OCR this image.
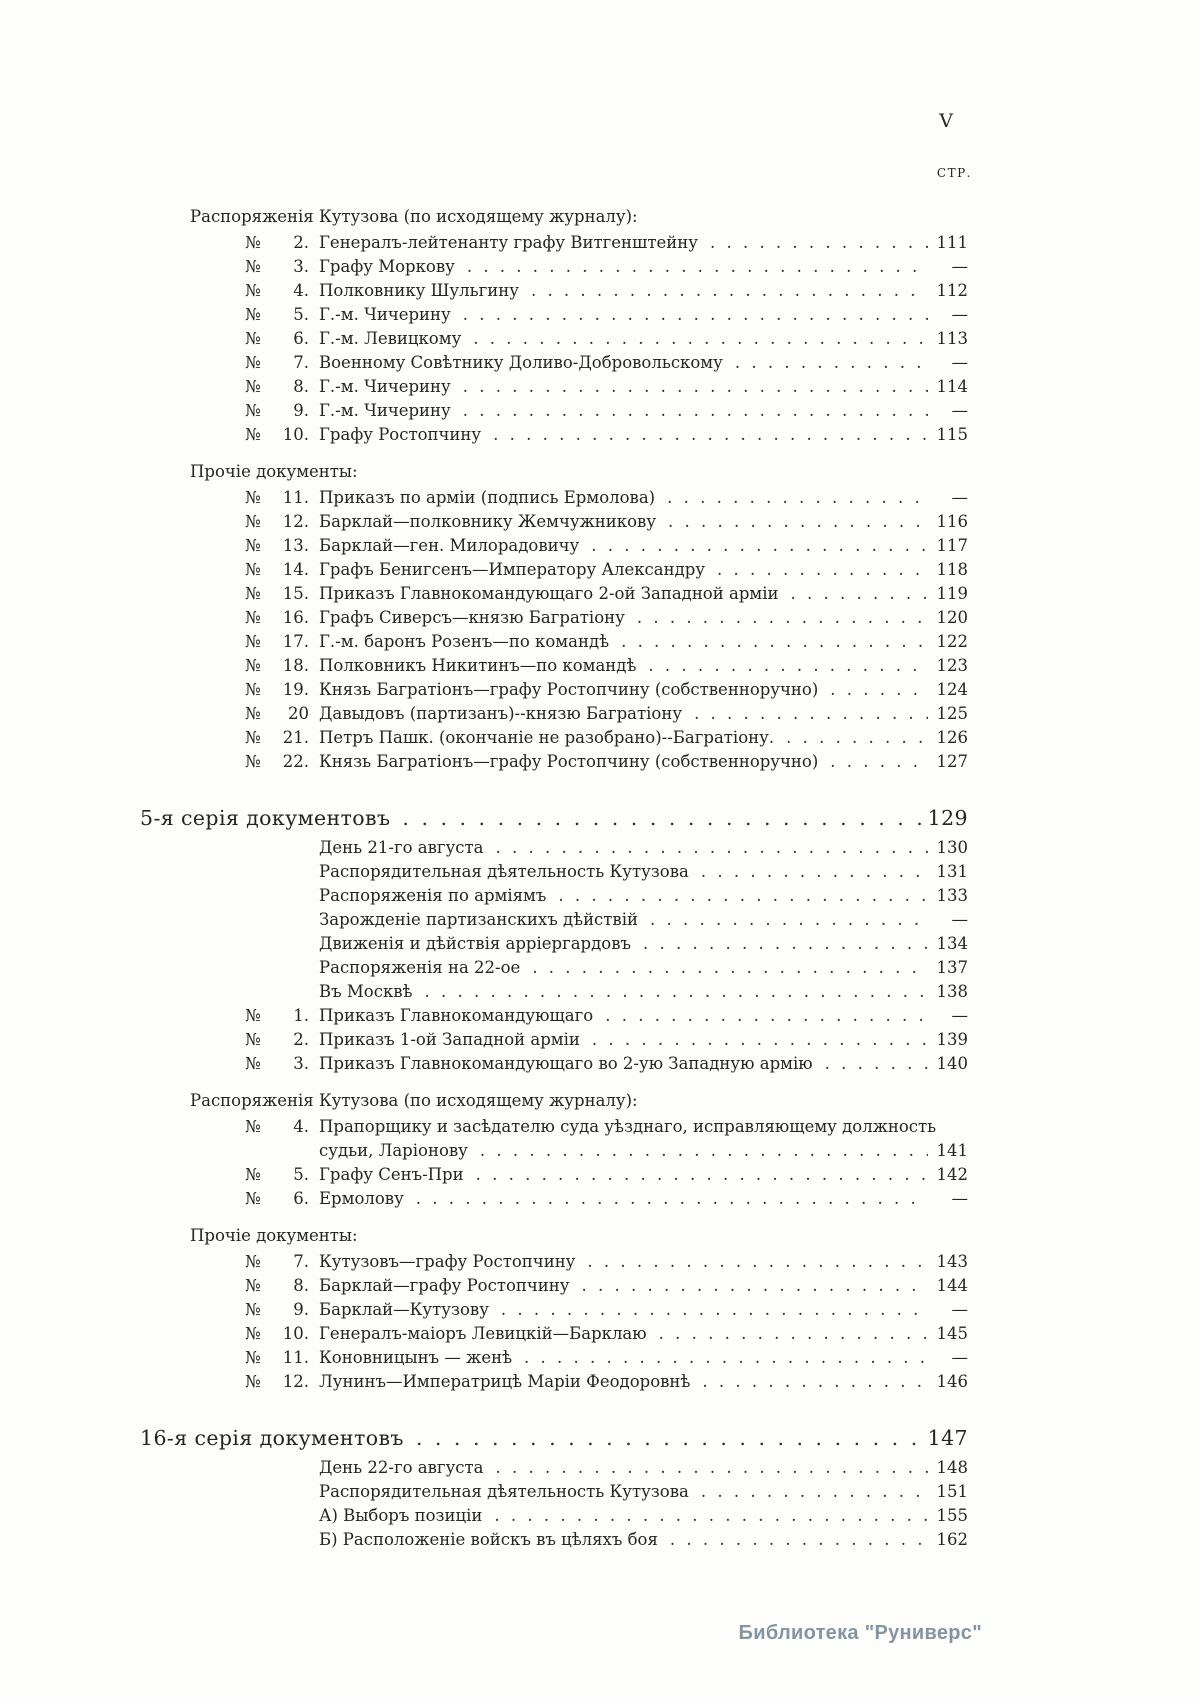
V
СТР.
Распоряженія Кутузова (по исходящему журналу):
№ 2. Генералъ-лейтенанту графу Витгенштейну . . .	111
№ 3. Графу Моркову . . .	—
№ 4. Полковнику Шульгину . . .	112
№ 5. Г.-м. Чичерину . . .	—
№ 6. Г.-м. Левицкому . . .	113
№ 7. Военному Совѣтнику Доливо-Добровольскому . . .	—
№ 8. Г.-м. Чичерину . . .	114
№ 9. Г.-м. Чичерину . . .	—
№ 10. Графу Ростопчину . . .	115
Прочіе документы:
№ 11. Приказъ по арміи (подпись Ермолова) . . .	—
№ 12. Барклай—полковнику Жемчужникову . . .	116
№ 13. Барклай—ген. Милорадовичу . . .	117
№ 14. Графъ Бенигсенъ—Императору Александру . . .	118
№ 15. Приказъ Главнокомандующаго 2-ой Западной арміи . . .	119
№ 16. Графъ Сиверсъ—князю Багратіону . . .	120
№ 17. Г.-м. баронъ Розенъ—по командѣ . . .	122
№ 18. Полковникъ Никитинъ—по командѣ . . .	123
№ 19. Князь Багратіонъ—графу Ростопчину (собственноручно) . . .	124
№ 20 Давыдовъ (партизанъ)--князю Багратіону . . .	125
№ 21. Петръ Пашк. (окончаніе не разобрано)--Багратіону. . . .	126
№ 22. Князь Багратіонъ—графу Ростопчину (собственноручно) . . .	127
5-я серія документовъ . . .	129
День 21-го августа . . .	130
Распорядительная дѣятельность Кутузова . . .	131
Распоряженія по арміямъ . . .	133
Зарожденіе партизанскихъ дѣйствій . . .	—
Движенія и дѣйствія арріергардовъ . . .	134
Распоряженія на 22-ое . . .	137
Въ Москвѣ . . .	138
№ 1. Приказъ Главнокомандующаго . . .	—
№ 2. Приказъ 1-ой Западной арміи . . .	139
№ 3. Приказъ Главнокомандующаго во 2-ую Западную армію . . .	140
Распоряженія Кутузова (по исходящему журналу):
№ 4. Прапорщику и засѣдателю суда уѣзднаго, исправляющему должность
судьи, Ларіонову . . .	141
№ 5. Графу Сенъ-При . . .	142
№ 6. Ермолову . . .	—
Прочіе документы:
№ 7. Кутузовъ—графу Ростопчину . . .	143
№ 8. Барклай—графу Ростопчину . . .	144
№ 9. Барклай—Кутузову . . .	—
№ 10. Генералъ-маіоръ Левицкій—Барклаю . . .	145
№ 11. Коновницынъ — женѣ . . .	—
№ 12. Лунинъ—Императрицѣ Маріи Феодоровнѣ . . .	146
16-я серія документовъ . . .	147
День 22-го августа . . .	148
Распорядительная дѣятельность Кутузова . . .	151
А) Выборъ позиціи . . .	155
Б) Расположеніе войскъ въ цѣляхъ боя . . .	162
Библиотека "Руниверс"
